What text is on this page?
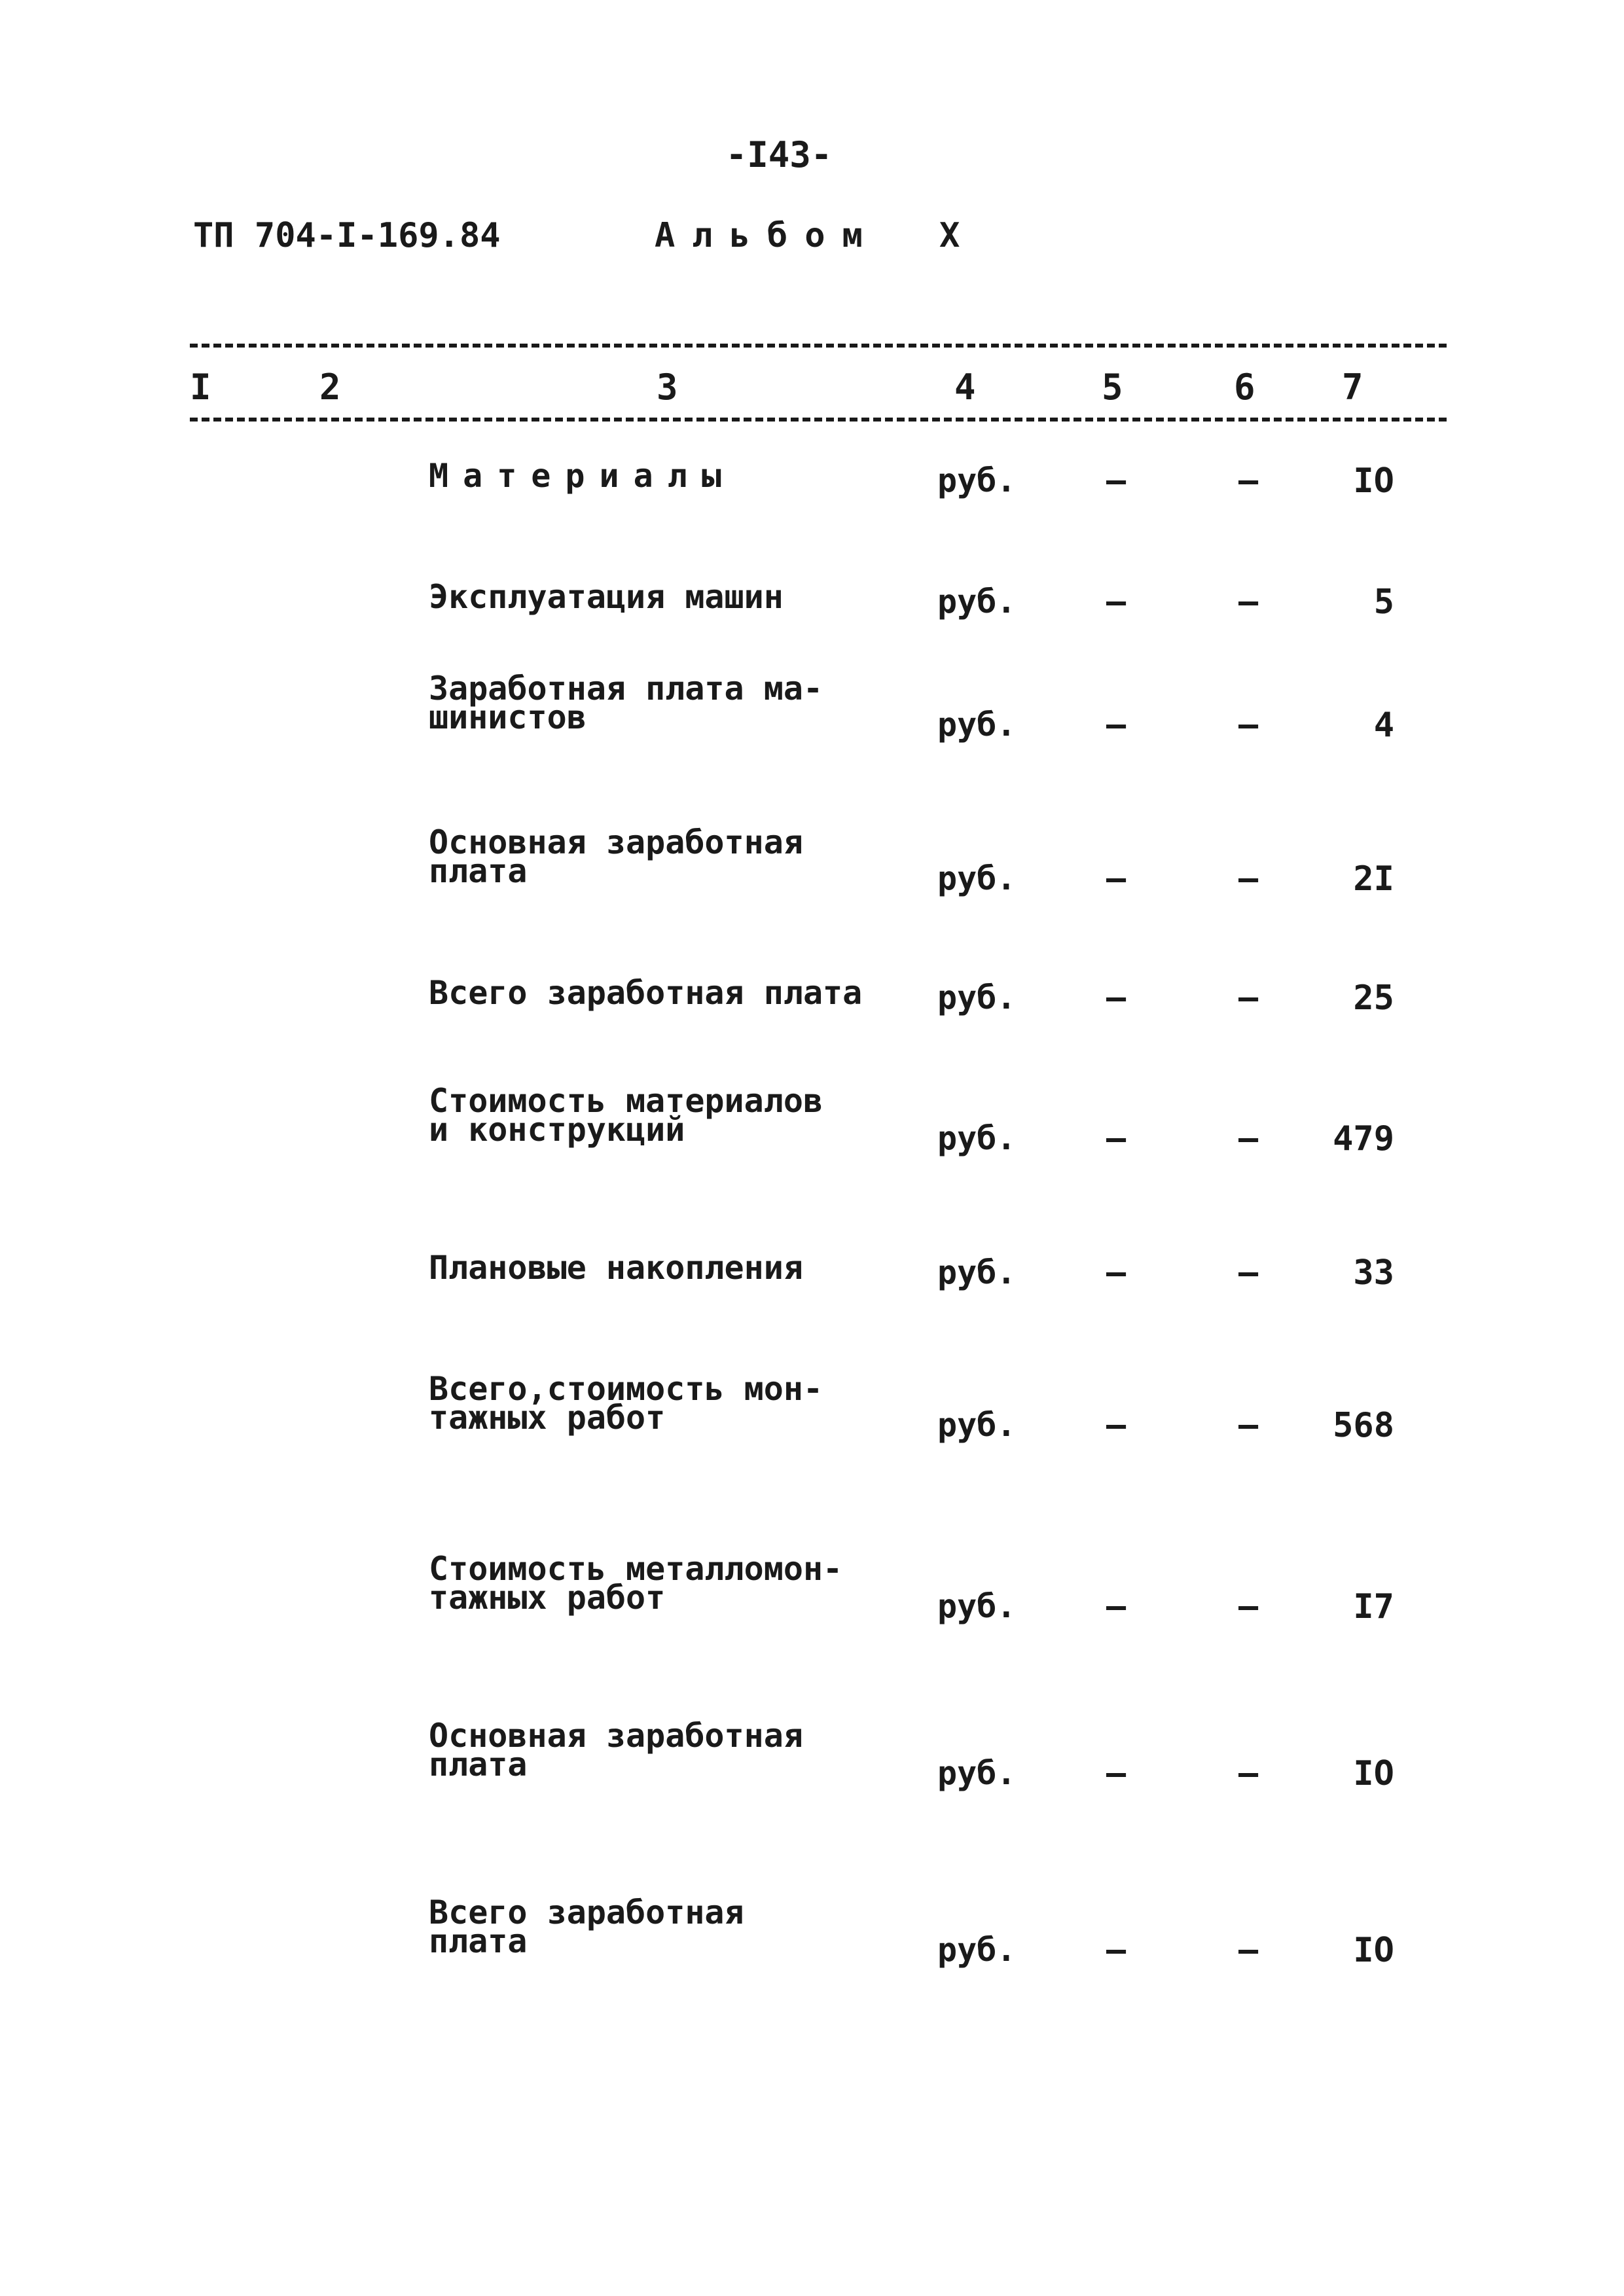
-I43-
ТП 704-I-169.84	Альбом Х
I	2	3	4	5	6 7
Материалы	руб.	–	–	IO
Эксплуатация машин	руб.	–	–	5
Заработная плата ма-
шинистов	руб.	–	–	4
Основная заработная
плата	руб.	–	–	2I
Всего заработная плата	руб.	–	–	25
Стоимость материалов
и конструкций	руб.	–	–	479
Плановые накопления	руб.	–	–	33
Всего,стоимость мон-
тажных работ	руб.	–	–	568
Стоимость металломон-
тажных работ	руб.	–	–	I7
Основная заработная
плата	руб.	–	–	IO
Всего заработная
плата	руб.	–	–	IO
